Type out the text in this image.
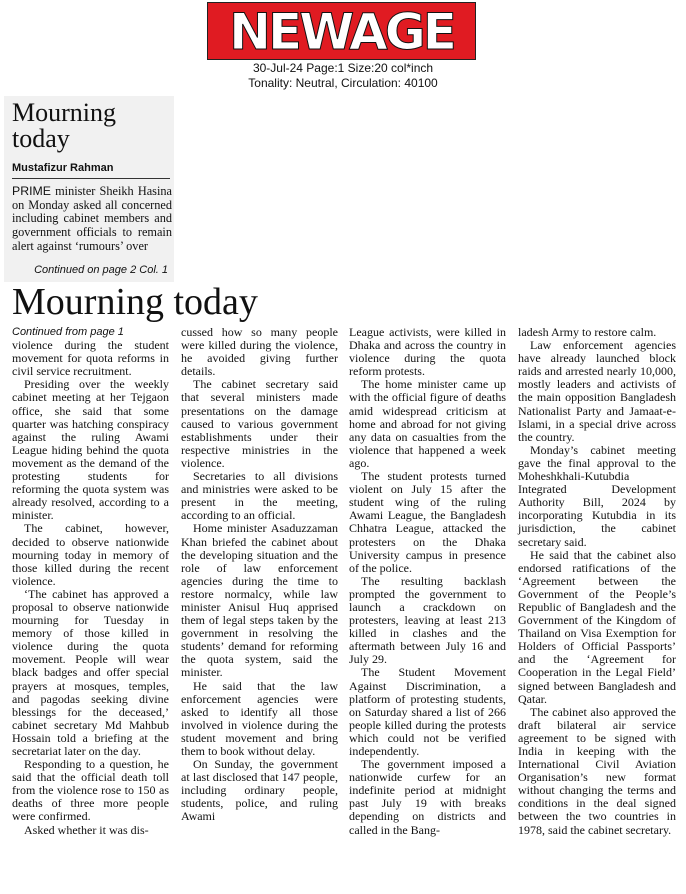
NEWAGE
30-Jul-24 Page:1 Size:20 col*inch
Tonality: Neutral, Circulation: 40100
Mourning
today
Mustafizur Rahman
PRIME minister Sheikh Hasina on Monday asked all concerned including cabinet members and government officials to remain alert against ‘rumours’ over
Continued on page 2 Col. 1
Mourning today

Continued from page 1

violence during the student movement for quota reforms in civil service recruitment.

Presiding over the weekly cabinet meeting at her Tejgaon office, she said that some quarter was hatching conspiracy against the ruling Awami League hiding behind the quota movement as the demand of the protesting students for reforming the quota system was already resolved, according to a minister.

The cabinet, however, decided to observe nationwide mourning today in memory of those killed during the recent violence.

‘The cabinet has approved a proposal to observe nationwide mourning for Tuesday in memory of those killed in violence during the quota movement. People will wear black badges and offer special prayers at mosques, temples, and pagodas seeking divine blessings for the deceased,’ cabinet secretary Md Mahbub Hossain told a briefing at the secretariat later on the day.

Responding to a question, he said that the official death toll from the violence rose to 150 as deaths of three more people were confirmed.

Asked whether it was dis-

cussed how so many people were killed during the violence, he avoided giving further details.

The cabinet secretary said that several ministers made presentations on the damage caused to various government establishments under their respective ministries in the violence.

Secretaries to all divisions and ministries were asked to be present in the meeting, according to an official.

Home minister Asaduzzaman Khan briefed the cabinet about the developing situation and the role of law enforcement agencies during the time to restore normalcy, while law minister Anisul Huq apprised them of legal steps taken by the government in resolving the students’ demand for reforming the quota system, said the minister.

He said that the law enforcement agencies were asked to identify all those involved in violence during the student movement and bring them to book without delay.

On Sunday, the government at last disclosed that 147 people, including ordinary people, students, police, and ruling Awami

League activists, were killed in Dhaka and across the country in violence during the quota reform protests.

The home minister came up with the official figure of deaths amid widespread criticism at home and abroad for not giving any data on casualties from the violence that happened a week ago.

The student protests turned violent on July 15 after the student wing of the ruling Awami League, the Bangladesh Chhatra League, attacked the protesters on the Dhaka University campus in presence of the police.

The resulting backlash prompted the government to launch a crackdown on protesters, leaving at least 213 killed in clashes and the aftermath between July 16 and July 29.

The Student Movement Against Discrimination, a platform of protesting students, on Saturday shared a list of 266 people killed during the protests which could not be verified independently.

The government imposed a nationwide curfew for an indefinite period at midnight past July 19 with breaks depending on districts and called in the Bang-

ladesh Army to restore calm.

Law enforcement agencies have already launched block raids and arrested nearly 10,000, mostly leaders and activists of the main opposition Bangladesh Nationalist Party and Jamaat-e-Islami, in a special drive across the country.

Monday’s cabinet meeting gave the final approval to the Moheshkhali-Kutubdia Integrated Development Authority Bill, 2024 by incorporating Kutubdia in its jurisdiction, the cabinet secretary said.

He said that the cabinet also endorsed ratifications of the ‘Agreement between the Government of the People’s Republic of Bangladesh and the Government of the Kingdom of Thailand on Visa Exemption for Holders of Official Passports’ and the ‘Agreement for Cooperation in the Legal Field’ signed between Bangladesh and Qatar.

The cabinet also approved the draft bilateral air service agreement to be signed with India in keeping with the International Civil Aviation Organisation’s new format without changing the terms and conditions in the deal signed between the two countries in 1978, said the cabinet secretary.
